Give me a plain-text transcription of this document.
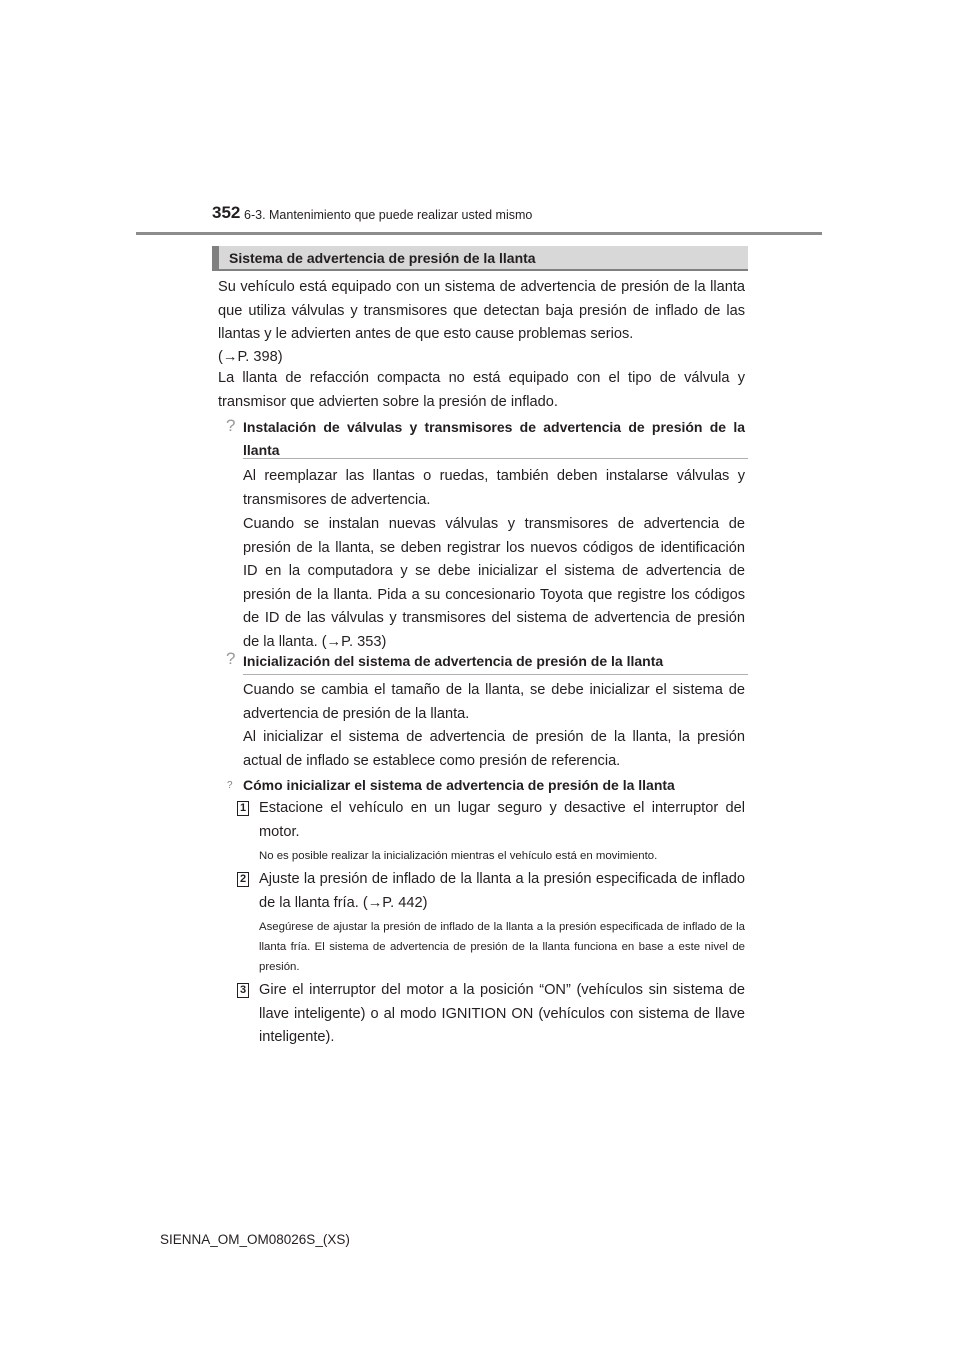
352 6-3. Mantenimiento que puede realizar usted mismo
Sistema de advertencia de presión de la llanta
Su vehículo está equipado con un sistema de advertencia de presión de la llanta que utiliza válvulas y transmisores que detectan baja presión de inflado de las llantas y le advierten antes de que esto cause problemas serios.
(→P. 398)
La llanta de refacción compacta no está equipado con el tipo de válvula y transmisor que advierten sobre la presión de inflado.
? Instalación de válvulas y transmisores de advertencia de presión de la llanta
Al reemplazar las llantas o ruedas, también deben instalarse válvulas y transmisores de advertencia.
Cuando se instalan nuevas válvulas y transmisores de advertencia de presión de la llanta, se deben registrar los nuevos códigos de identificación ID en la computadora y se debe inicializar el sistema de advertencia de presión de la llanta. Pida a su concesionario Toyota que registre los códigos de ID de las válvulas y transmisores del sistema de advertencia de presión de la llanta. (→P. 353)
? Inicialización del sistema de advertencia de presión de la llanta
Cuando se cambia el tamaño de la llanta, se debe inicializar el sistema de advertencia de presión de la llanta.
Al inicializar el sistema de advertencia de presión de la llanta, la presión actual de inflado se establece como presión de referencia.
? Cómo inicializar el sistema de advertencia de presión de la llanta
1 Estacione el vehículo en un lugar seguro y desactive el interruptor del motor.
No es posible realizar la inicialización mientras el vehículo está en movimiento.
2 Ajuste la presión de inflado de la llanta a la presión especificada de inflado de la llanta fría. (→P. 442)
Asegúrese de ajustar la presión de inflado de la llanta a la presión especificada de inflado de la llanta fría. El sistema de advertencia de presión de la llanta funciona en base a este nivel de presión.
3 Gire el interruptor del motor a la posición “ON” (vehículos sin sistema de llave inteligente) o al modo IGNITION ON (vehículos con sistema de llave inteligente).
SIENNA_OM_OM08026S_(XS)
